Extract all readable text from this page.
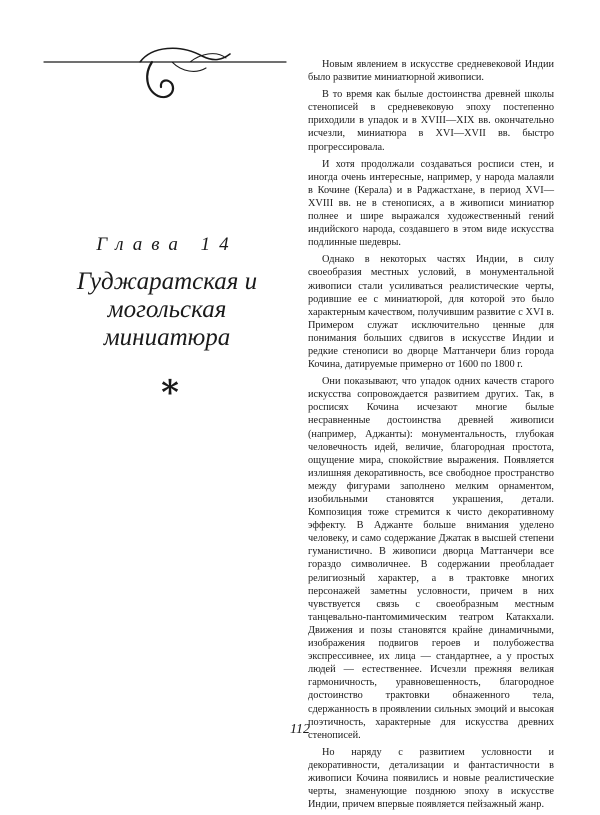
Глава 14
Гуджаратская и могольская миниатюра
*

Новым явлением в искусстве средневековой Индии было развитие миниатюрной живописи.

В то время как былые достоинства древней школы стенописей в средневековую эпоху постепенно приходили в упадок и в XVIII—XIX вв. окончательно исчезли, миниатюра в XVI—XVII вв. быстро прогрессировала.

И хотя продолжали создаваться росписи стен, и иногда очень интересные, например, у народа малаяли в Кочине (Керала) и в Раджастхане, в период XVI—XVIII вв. не в стенописях, а в живописи миниатюр полнее и шире выражался художественный гений индийского народа, создавшего в этом виде искусства подлинные шедевры.

Однако в некоторых частях Индии, в силу своеобразия местных условий, в монументальной живописи стали усиливаться реалистические черты, родившие ее с миниатюрой, для которой это было характерным качеством, получившим развитие с XVI в. Примером служат исключительно ценные для понимания больших сдвигов в искусстве Индии и редкие стенописи во дворце Маттанчери близ города Кочина, датируемые примерно от 1600 по 1800 г.

Они показывают, что упадок одних качеств старого искусства сопровождается развитием других. Так, в росписях Кочина исчезают многие былые несравненные достоинства древней живописи (например, Аджанты): монументальность, глубокая человечность идей, величие, благородная простота, ощущение мира, спокойствие выражения. Появляется излишняя декоративность, все свободное пространство между фигурами заполнено мелким орнаментом, изобильными становятся украшения, детали. Композиция тоже стремится к чисто декоративному эффекту. В Аджанте больше внимания уделено человеку, и само содержание Джатак в высшей степени гуманистично. В живописи дворца Маттанчери все гораздо символичнее. В содержании преобладает религиозный характер, а в трактовке многих персонажей заметны условности, причем в них чувствуется связь с своеобразным местным танцевально-пантомимическим театром Катакхали. Движения и позы становятся крайне динамичными, изображения подвигов героев и полубожества экспрессивнее, их лица — стандартнее, а у простых людей — естественнее. Исчезли прежняя великая гармоничность, уравновешенность, благородное достоинство трактовки обнаженного тела, сдержанность в проявлении сильных эмоций и высокая поэтичность, характерные для искусства древних стенописей.

Но наряду с развитием условности и декоративности, детализации и фантастичности в живописи Кочина появились и новые реалистические черты, знаменующие позднюю эпоху в искусстве Индии, причем впервые появляется пейзажный жанр.

112
